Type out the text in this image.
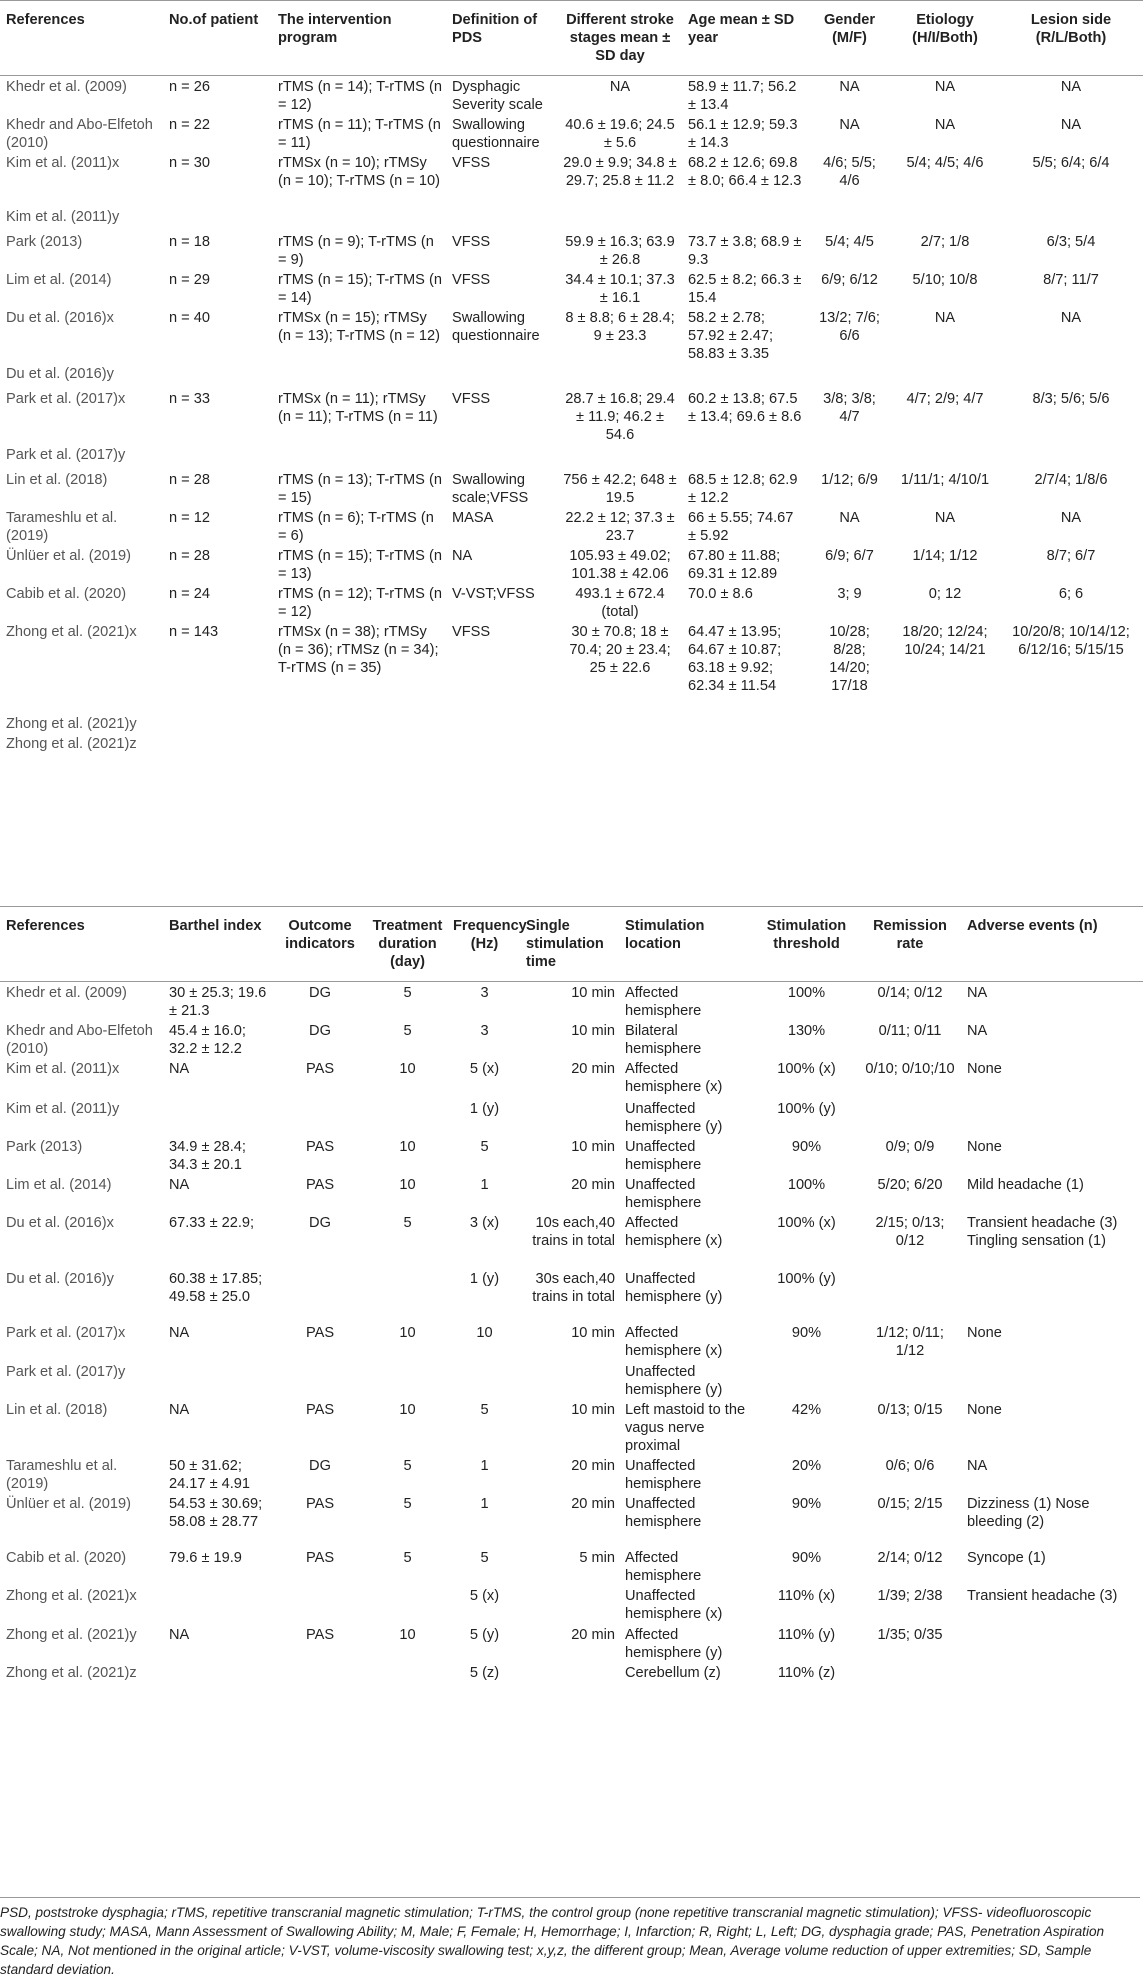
References	No.of patient	The intervention program	Definition of PDS	Different stroke stages mean ± SD day	Age mean ± SD year	Gender (M/F)	Etiology (H/I/Both)	Lesion side (R/L/Both)
Khedr et al. (2009)	n = 26	rTMS (n = 14); T-rTMS (n = 12)	Dysphagic Severity scale	NA	58.9 ± 11.7; 56.2 ± 13.4	NA	NA	NA
Khedr and Abo-Elfetoh (2010)	n = 22	rTMS (n = 11); T-rTMS (n = 11)	Swallowing questionnaire	40.6 ± 19.6; 24.5 ± 5.6	56.1 ± 12.9; 59.3 ± 14.3	NA	NA	NA
Kim et al. (2011)x	n = 30	rTMSx (n = 10); rTMSy (n = 10); T-rTMS (n = 10)	VFSS	29.0 ± 9.9; 34.8 ± 29.7; 25.8 ± 11.2	68.2 ± 12.6; 69.8 ± 8.0; 66.4 ± 12.3	4/6; 5/5; 4/6	5/4; 4/5; 4/6	5/5; 6/4; 6/4
Kim et al. (2011)y								
Park (2013)	n = 18	rTMS (n = 9); T-rTMS (n = 9)	VFSS	59.9 ± 16.3; 63.9 ± 26.8	73.7 ± 3.8; 68.9 ± 9.3	5/4; 4/5	2/7; 1/8	6/3; 5/4
Lim et al. (2014)	n = 29	rTMS (n = 15); T-rTMS (n = 14)	VFSS	34.4 ± 10.1; 37.3 ± 16.1	62.5 ± 8.2; 66.3 ± 15.4	6/9; 6/12	5/10; 10/8	8/7; 11/7
Du et al. (2016)x	n = 40	rTMSx (n = 15); rTMSy (n = 13); T-rTMS (n = 12)	Swallowing questionnaire	8 ± 8.8; 6 ± 28.4; 9 ± 23.3	58.2 ± 2.78; 57.92 ± 2.47; 58.83 ± 3.35	13/2; 7/6; 6/6	NA	NA
Du et al. (2016)y								
Park et al. (2017)x	n = 33	rTMSx (n = 11); rTMSy (n = 11); T-rTMS (n = 11)	VFSS	28.7 ± 16.8; 29.4 ± 11.9; 46.2 ± 54.6	60.2 ± 13.8; 67.5 ± 13.4; 69.6 ± 8.6	3/8; 3/8; 4/7	4/7; 2/9; 4/7	8/3; 5/6; 5/6
Park et al. (2017)y								
Lin et al. (2018)	n = 28	rTMS (n = 13); T-rTMS (n = 15)	Swallowing scale;VFSS	756 ± 42.2; 648 ± 19.5	68.5 ± 12.8; 62.9 ± 12.2	1/12; 6/9	1/11/1; 4/10/1	2/7/4; 1/8/6
Tarameshlu et al. (2019)	n = 12	rTMS (n = 6); T-rTMS (n = 6)	MASA	22.2 ± 12; 37.3 ± 23.7	66 ± 5.55; 74.67 ± 5.92	NA	NA	NA
Ünlüer et al. (2019)	n = 28	rTMS (n = 15); T-rTMS (n = 13)	NA	105.93 ± 49.02; 101.38 ± 42.06	67.80 ± 11.88; 69.31 ± 12.89	6/9; 6/7	1/14; 1/12	8/7; 6/7
Cabib et al. (2020)	n = 24	rTMS (n = 12); T-rTMS (n = 12)	V-VST;VFSS	493.1 ± 672.4 (total)	70.0 ± 8.6	3; 9	0; 12	6; 6
Zhong et al. (2021)x	n = 143	rTMSx (n = 38); rTMSy (n = 36); rTMSz (n = 34); T-rTMS (n = 35)	VFSS	30 ± 70.8; 18 ± 70.4; 20 ± 23.4; 25 ± 22.6	64.47 ± 13.95; 64.67 ± 10.87; 63.18 ± 9.92; 62.34 ± 11.54	10/28; 8/28; 14/20; 17/18	18/20; 12/24; 10/24; 14/21	10/20/8; 10/14/12; 6/12/16; 5/15/15
Zhong et al. (2021)y								
Zhong et al. (2021)z								
References	Barthel index	Outcome indicators	Treatment duration (day)	Frequency (Hz)	Single stimulation time	Stimulation location	Stimulation threshold	Remission rate	Adverse events (n)
Khedr et al. (2009)	30 ± 25.3; 19.6 ± 21.3	DG	5	3	10 min	Affected hemisphere	100%	0/14; 0/12	NA
Khedr and Abo-Elfetoh (2010)	45.4 ± 16.0; 32.2 ± 12.2	DG	5	3	10 min	Bilateral hemisphere	130%	0/11; 0/11	NA
Kim et al. (2011)x	NA	PAS	10	5 (x)	20 min	Affected hemisphere (x)	100% (x)	0/10; 0/10;/10	None
Kim et al. (2011)y				1 (y)		Unaffected hemisphere (y)	100% (y)		
Park (2013)	34.9 ± 28.4; 34.3 ± 20.1	PAS	10	5	10 min	Unaffected hemisphere	90%	0/9; 0/9	None
Lim et al. (2014)	NA	PAS	10	1	20 min	Unaffected hemisphere	100%	5/20; 6/20	Mild headache (1)
Du et al. (2016)x	67.33 ± 22.9;	DG	5	3 (x)	10s each,40 trains in total	Affected hemisphere (x)	100% (x)	2/15; 0/13; 0/12	Transient headache (3) Tingling sensation (1)
Du et al. (2016)y	60.38 ± 17.85; 49.58 ± 25.0			1 (y)	30s each,40 trains in total	Unaffected hemisphere (y)	100% (y)		
Park et al. (2017)x	NA	PAS	10	10	10 min	Affected hemisphere (x)	90%	1/12; 0/11; 1/12	None
Park et al. (2017)y						Unaffected hemisphere (y)			
Lin et al. (2018)	NA	PAS	10	5	10 min	Left mastoid to the vagus nerve proximal	42%	0/13; 0/15	None
Tarameshlu et al. (2019)	50 ± 31.62; 24.17 ± 4.91	DG	5	1	20 min	Unaffected hemisphere	20%	0/6; 0/6	NA
Ünlüer et al. (2019)	54.53 ± 30.69; 58.08 ± 28.77	PAS	5	1	20 min	Unaffected hemisphere	90%	0/15; 2/15	Dizziness (1) Nose bleeding (2)
Cabib et al. (2020)	79.6 ± 19.9	PAS	5	5	5 min	Affected hemisphere	90%	2/14; 0/12	Syncope (1)
Zhong et al. (2021)x				5 (x)		Unaffected hemisphere (x)	110% (x)	1/39; 2/38	Transient headache (3)
Zhong et al. (2021)y	NA	PAS	10	5 (y)	20 min	Affected hemisphere (y)	110% (y)	1/35; 0/35	
Zhong et al. (2021)z				5 (z)		Cerebellum (z)	110% (z)		
PSD, poststroke dysphagia; rTMS, repetitive transcranial magnetic stimulation; T-rTMS, the control group (none repetitive transcranial magnetic stimulation); VFSS- videofluoroscopic swallowing study; MASA, Mann Assessment of Swallowing Ability; M, Male; F, Female; H, Hemorrhage; I, Infarction; R, Right; L, Left; DG, dysphagia grade; PAS, Penetration Aspiration Scale; NA, Not mentioned in the original article; V-VST, volume-viscosity swallowing test; x,y,z, the different group; Mean, Average volume reduction of upper extremities; SD, Sample standard deviation.
